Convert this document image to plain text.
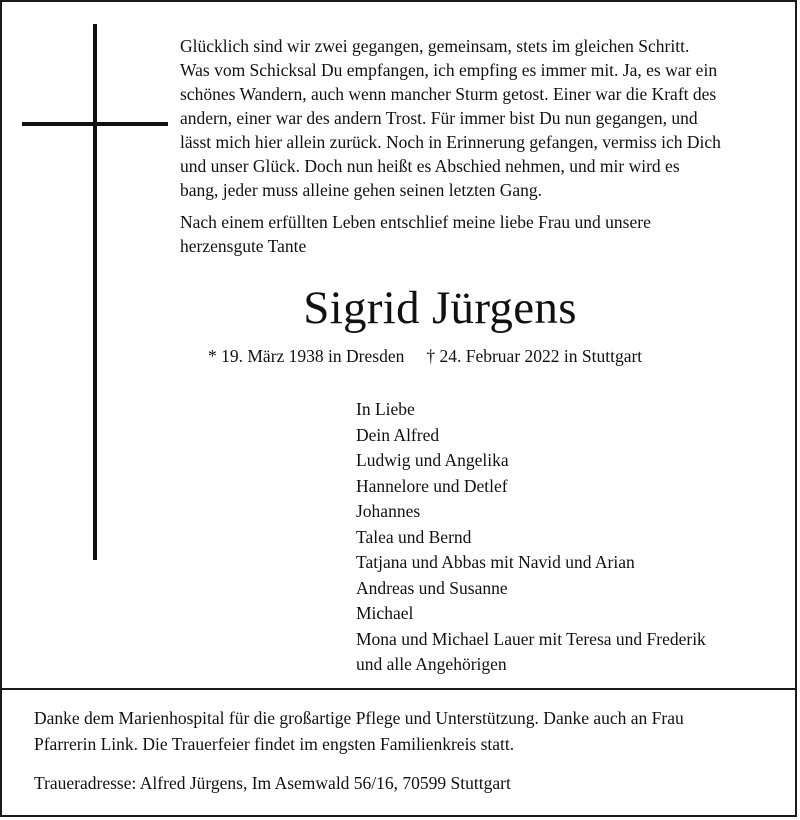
Glücklich sind wir zwei gegangen, gemeinsam, stets im gleichen Schritt.
Was vom Schicksal Du empfangen, ich empfing es immer mit. Ja, es war ein
schönes Wandern, auch wenn mancher Sturm getost. Einer war die Kraft des
andern, einer war des andern Trost. Für immer bist Du nun gegangen, und
lässt mich hier allein zurück. Noch in Erinnerung gefangen, vermiss ich Dich
und unser Glück. Doch nun heißt es Abschied nehmen, und mir wird es
bang, jeder muss alleine gehen seinen letzten Gang.
Nach einem erfüllten Leben entschlief meine liebe Frau und unsere
herzensgute Tante
Sigrid Jürgens
* 19. März 1938 in Dresden † 24. Februar 2022 in Stuttgart
In Liebe
Dein Alfred
Ludwig und Angelika
Hannelore und Detlef
Johannes
Talea und Bernd
Tatjana und Abbas mit Navid und Arian
Andreas und Susanne
Michael
Mona und Michael Lauer mit Teresa und Frederik
und alle Angehörigen
Danke dem Marienhospital für die großartige Pflege und Unterstützung. Danke auch an Frau
Pfarrerin Link. Die Trauerfeier findet im engsten Familienkreis statt.
Traueradresse: Alfred Jürgens, Im Asemwald 56/16, 70599 Stuttgart
